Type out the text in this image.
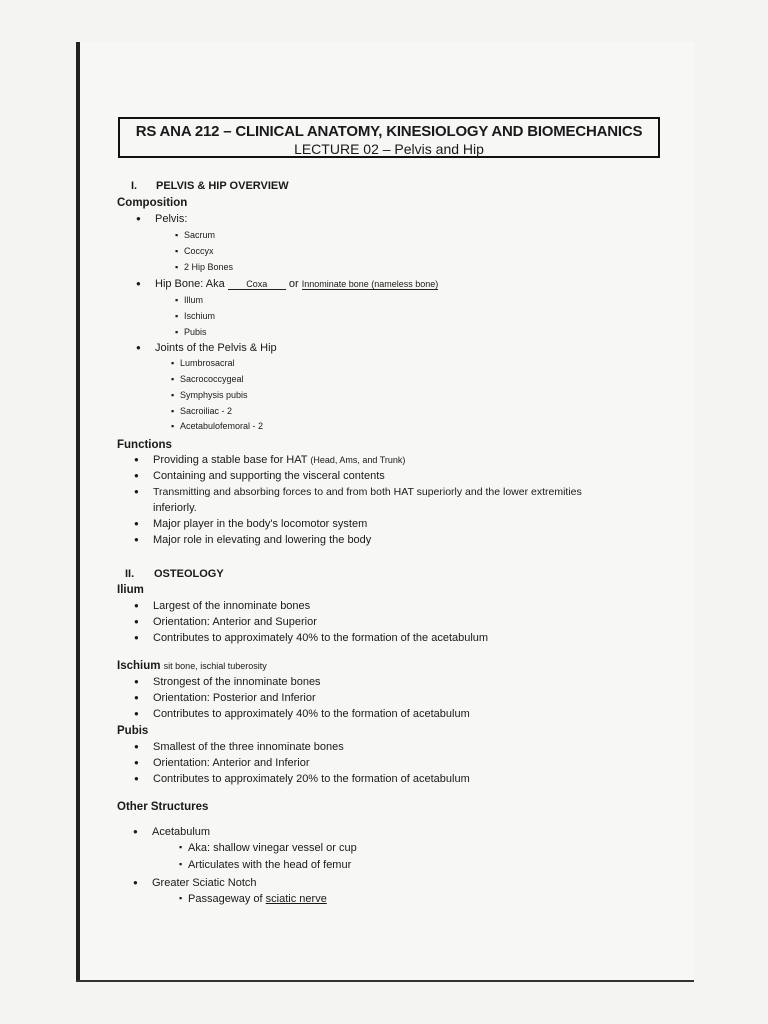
RS ANA 212 – CLINICAL ANATOMY, KINESIOLOGY AND BIOMECHANICS
LECTURE 02 – Pelvis and Hip
I. PELVIS & HIP OVERVIEW
Composition
● Pelvis:
▪ Sacrum
▪ Coccyx
▪ 2 Hip Bones
● Hip Bone: Aka Coxa or Innominate bone (nameless bone)
▪ Illum
▪ Ischium
▪ Pubis
● Joints of the Pelvis & Hip
▪ Lumbrosacral
▪ Sacrococcygeal
▪ Symphysis pubis
▪ Sacroiliac - 2
▪ Acetabulofemoral - 2
Functions
● Providing a stable base for HAT (Head, Ams, and Trunk)
● Containing and supporting the visceral contents
● Transmitting and absorbing forces to and from both HAT superiorly and the lower extremities
inferiorly.
● Major player in the body's locomotor system
● Major role in elevating and lowering the body
II. OSTEOLOGY
Ilium
● Largest of the innominate bones
● Orientation: Anterior and Superior
● Contributes to approximately 40% to the formation of the acetabulum
Ischium sit bone, ischial tuberosity
● Strongest of the innominate bones
● Orientation: Posterior and Inferior
● Contributes to approximately 40% to the formation of acetabulum
Pubis
● Smallest of the three innominate bones
● Orientation: Anterior and Inferior
● Contributes to approximately 20% to the formation of acetabulum
Other Structures
● Acetabulum
▪ Aka: shallow vinegar vessel or cup
▪ Articulates with the head of femur
● Greater Sciatic Notch
▪ Passageway of sciatic nerve
